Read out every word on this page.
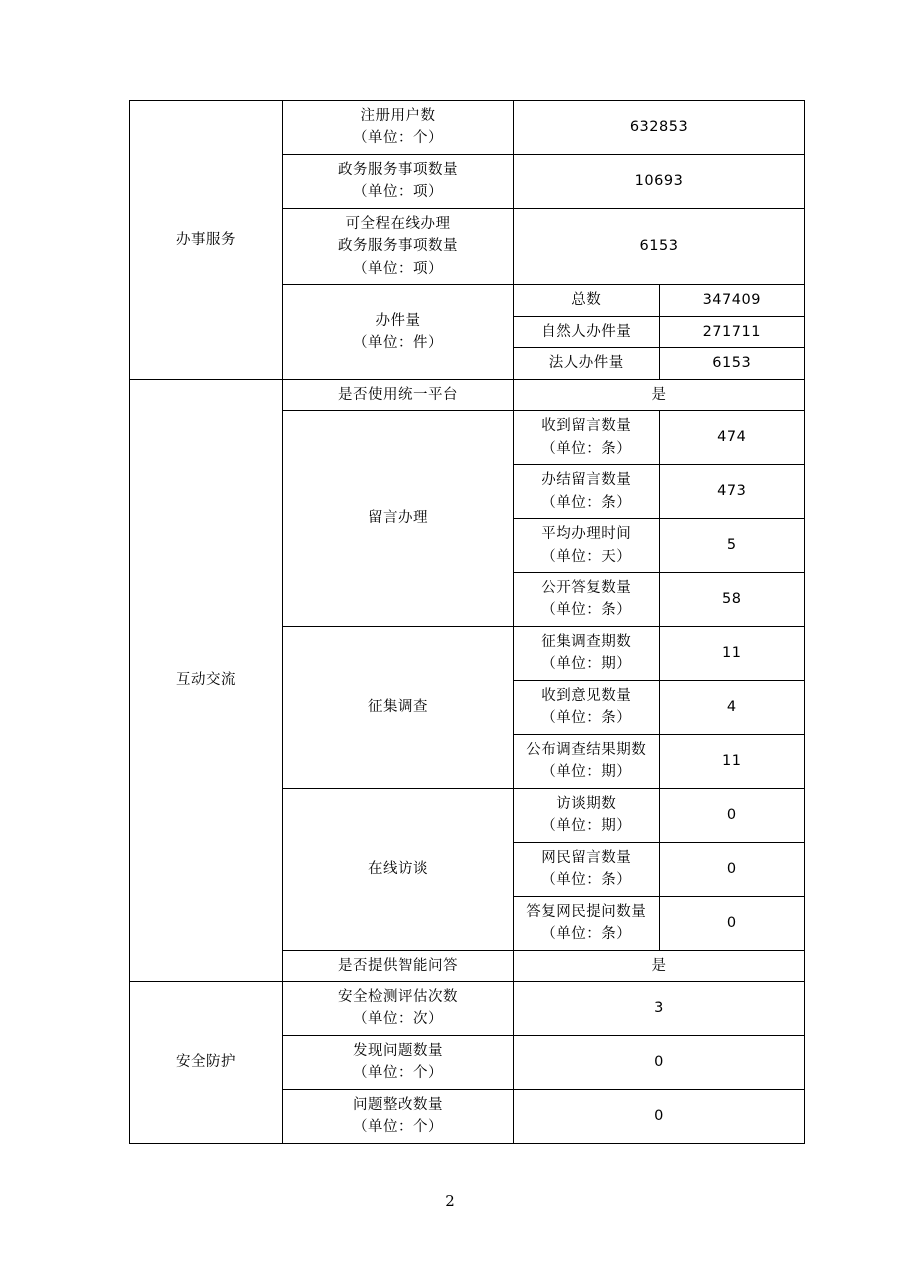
办事服务	注册用户数
（单位：个）	632853	

	政务服务事项数量
（单位：项）	10693	

	可全程在线办理
政务服务事项数量
（单位：项）	6153	

	办件量
（单位：件）	总数	347409
		自然人办件量	271711
		法人办件量	6153
互动交流	是否使用统一平台	是	

	留言办理	收到留言数量
（单位：条）	474

		办结留言数量
（单位：条）	473

		平均办理时间
（单位：天）	5

		公开答复数量
（单位：条）	58

	征集调查	征集调查期数
（单位：期）	11

		收到意见数量
（单位：条）	4

		公布调查结果期数
（单位：期）	11

	在线访谈	访谈期数
（单位：期）	0

		网民留言数量
（单位：条）	0

		答复网民提问数量
（单位：条）	0

	是否提供智能问答	是	
安全防护	安全检测评估次数
（单位：次）	3	

	发现问题数量
（单位：个）	0	

	问题整改数量
（单位：个）	0	
2
